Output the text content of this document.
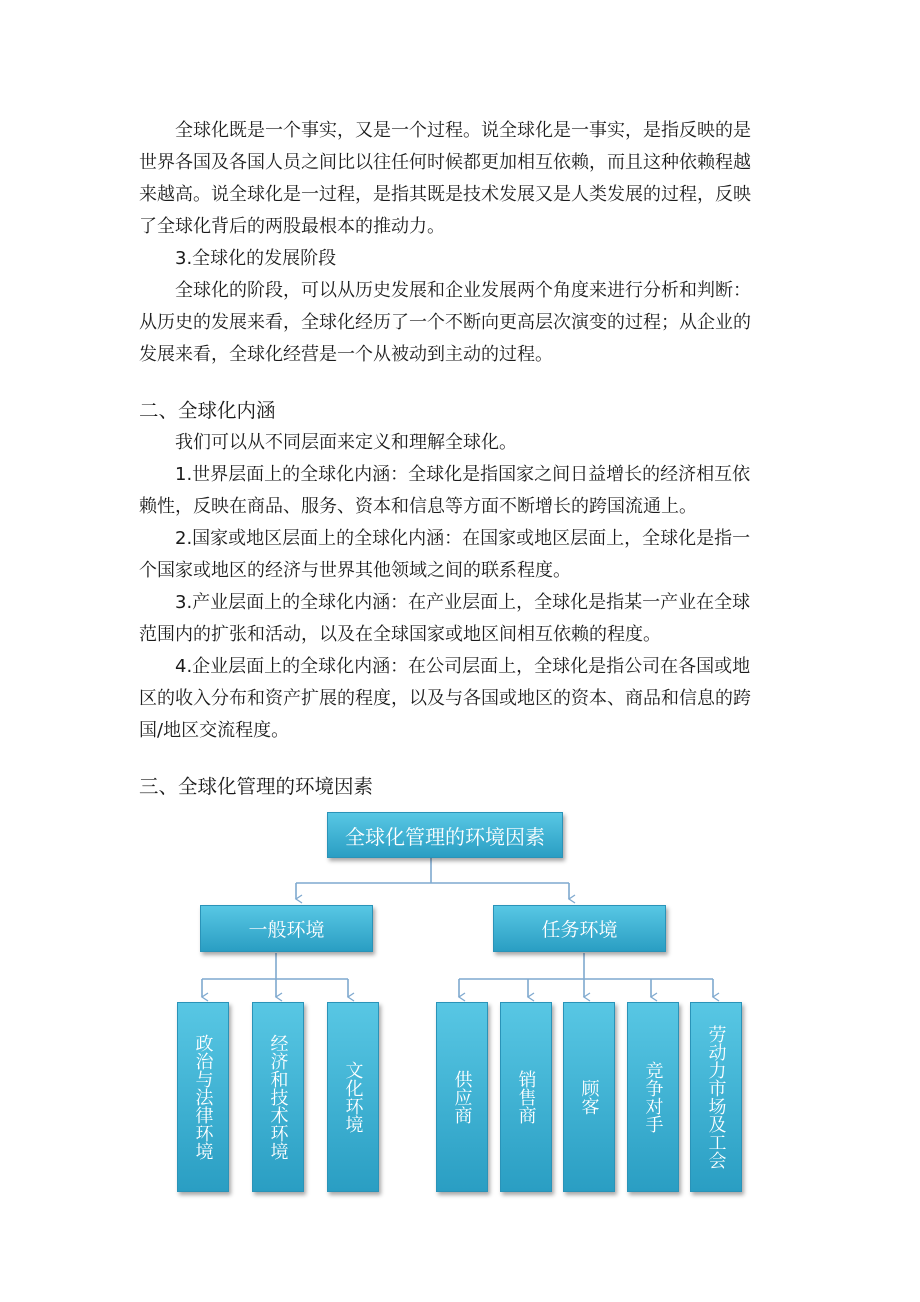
全球化既是一个事实，又是一个过程。说全球化是一事实，是指反映的是
世界各国及各国人员之间比以往任何时候都更加相互依赖，而且这种依赖程越
来越高。说全球化是一过程，是指其既是技术发展又是人类发展的过程，反映
了全球化背后的两股最根本的推动力。
3.全球化的发展阶段
全球化的阶段，可以从历史发展和企业发展两个角度来进行分析和判断：
从历史的发展来看，全球化经历了一个不断向更高层次演变的过程；从企业的
发展来看，全球化经营是一个从被动到主动的过程。
二、全球化内涵
我们可以从不同层面来定义和理解全球化。
1.世界层面上的全球化内涵：全球化是指国家之间日益增长的经济相互依
赖性，反映在商品、服务、资本和信息等方面不断增长的跨国流通上。
2.国家或地区层面上的全球化内涵：在国家或地区层面上，全球化是指一
个国家或地区的经济与世界其他领域之间的联系程度。
3.产业层面上的全球化内涵：在产业层面上，全球化是指某一产业在全球
范围内的扩张和活动，以及在全球国家或地区间相互依赖的程度。
4.企业层面上的全球化内涵：在公司层面上，全球化是指公司在各国或地
区的收入分布和资产扩展的程度，以及与各国或地区的资本、商品和信息的跨
国/地区交流程度。
三、全球化管理的环境因素
全球化管理的环境因素
一般环境	任务环境
政治与法律环境	经济和技术环境	文化环境	供应商	销售商	顾客	竞争对手	劳动力市场及工会
